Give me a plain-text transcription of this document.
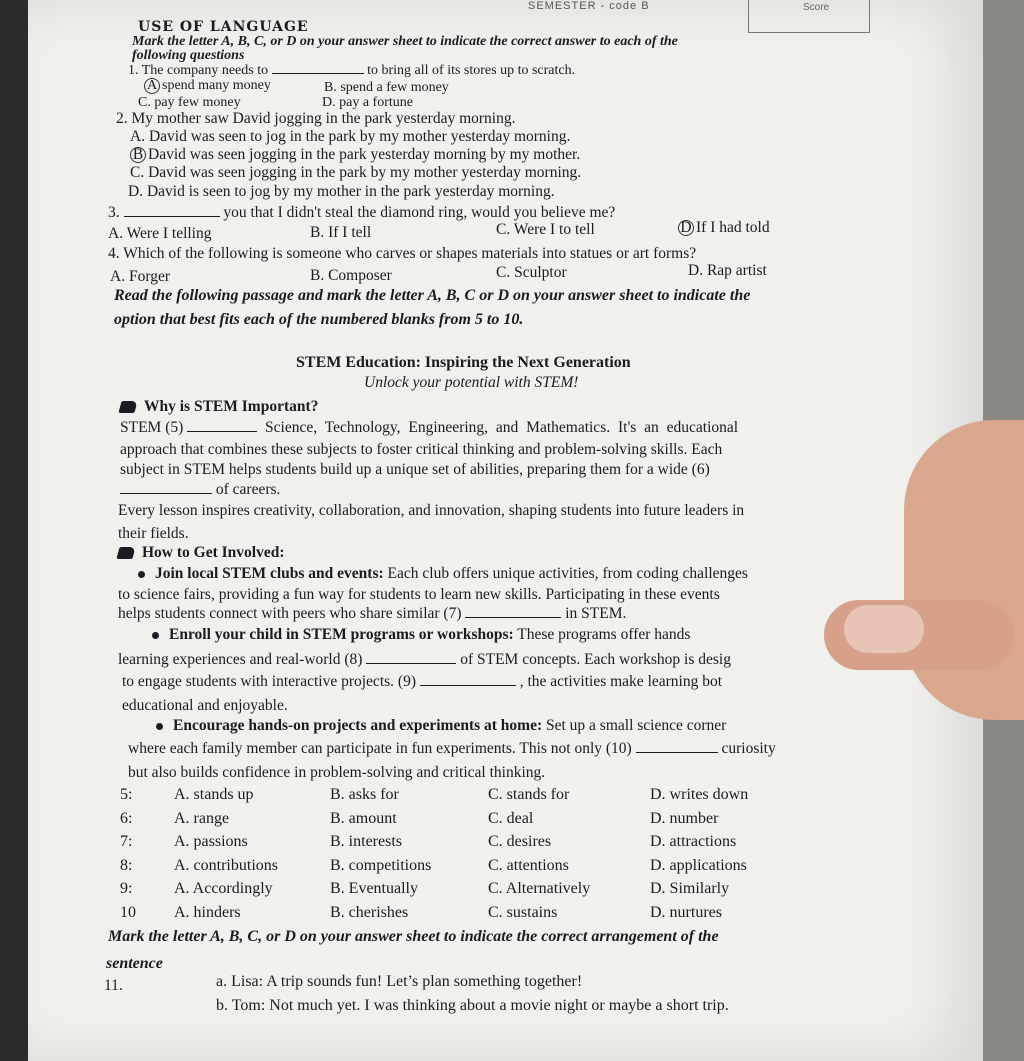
SEMESTER - code B	Score
USE OF LANGUAGE
Mark the letter A, B, C, or D on your answer sheet to indicate the correct answer to each of the
following questions
1. The company needs to	to bring all of its stores up to scratch.
A spend many money	B. spend a few money
C. pay few money	D. pay a fortune
2. My mother saw David jogging in the park yesterday morning.
A. David was seen to jog in the park by my mother yesterday morning.
B David was seen jogging in the park yesterday morning by my mother.
C. David was seen jogging in the park by my mother yesterday morning.
D. David is seen to jog by my mother in the park yesterday morning.
3.	you that I didn't steal the diamond ring, would you believe me?
A. Were I telling	B. If I tell	C. Were I to tell	D If I had told
4. Which of the following is someone who carves or shapes materials into statues or art forms?
A. Forger	B. Composer	C. Sculptor	D. Rap artist
Read the following passage and mark the letter A, B, C or D on your answer sheet to indicate the
option that best fits each of the numbered blanks from 5 to 10.
STEM Education: Inspiring the Next Generation
Unlock your potential with STEM!
Why is STEM Important?
STEM (5)	Science, Technology, Engineering, and Mathematics. It's an educational
approach that combines these subjects to foster critical thinking and problem-solving skills. Each
subject in STEM helps students build up a unique set of abilities, preparing them for a wide (6)
of careers.
Every lesson inspires creativity, collaboration, and innovation, shaping students into future leaders in
their fields.
How to Get Involved:
Join local STEM clubs and events: Each club offers unique activities, from coding challenges
to science fairs, providing a fun way for students to learn new skills. Participating in these events
helps students connect with peers who share similar (7)	in STEM.
Enroll your child in STEM programs or workshops: These programs offer hands
learning experiences and real-world (8)	of STEM concepts. Each workshop is desig
to engage students with interactive projects. (9)	, the activities make learning bot
educational and enjoyable.
Encourage hands-on projects and experiments at home: Set up a small science corner
where each family member can participate in fun experiments. This not only (10)	curiosity
but also builds confidence in problem-solving and critical thinking.
5:	A. stands up	B. asks for	C. stands for	D. writes down
6:	A. range	B. amount	C. deal	D. number
7:	A. passions	B. interests	C. desires	D. attractions
8:	A. contributions	B. competitions	C. attentions	D. applications
9:	A. Accordingly	B. Eventually	C. Alternatively	D. Similarly
10 A. hinders	B. cherishes	C. sustains	D. nurtures
Mark the letter A, B, C, or D on your answer sheet to indicate the correct arrangement of the
sentence
11.	a. Lisa: A trip sounds fun! Let’s plan something together!
b. Tom: Not much yet. I was thinking about a movie night or maybe a short trip.
